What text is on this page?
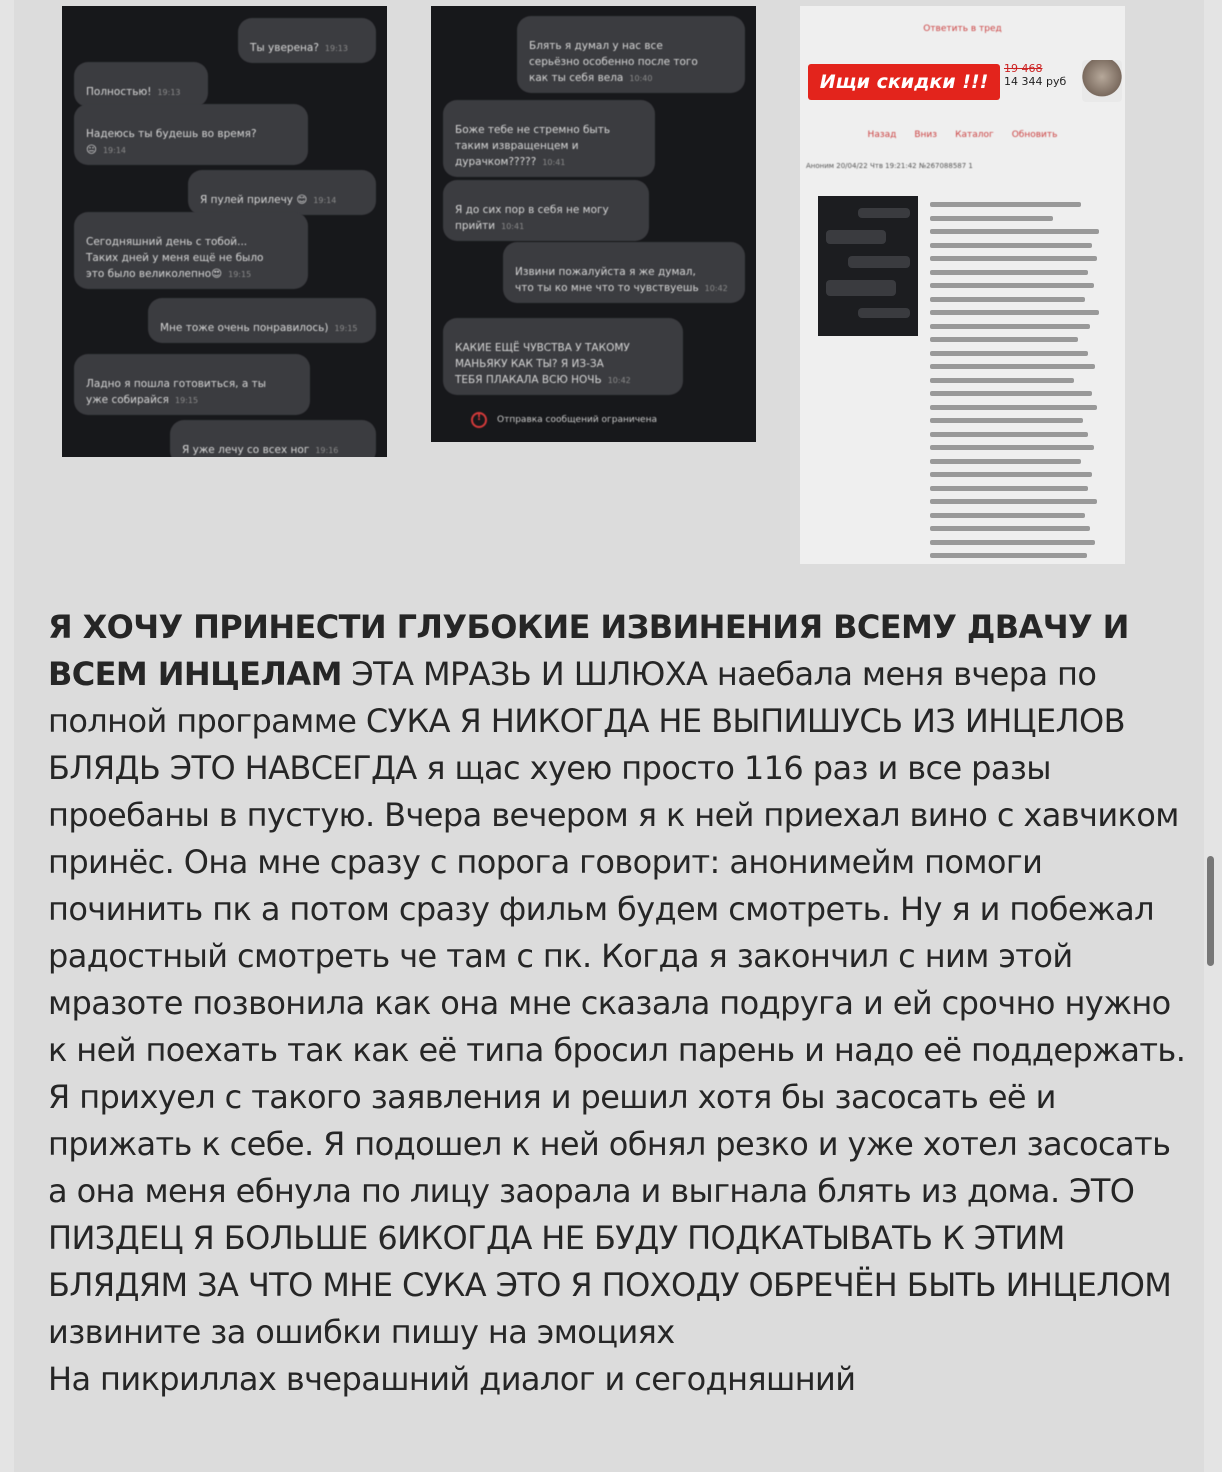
Ты уверена? 19:13

Полностью! 19:13

Надеюсь ты будешь во время?
😐 19:14

Я пулей прилечу 😊 19:14

Сегодняшний день с тобой...
Таких дней у меня ещё не было
это было великолепно😍 19:15

Мне тоже очень понравилось) 19:15

Ладно я пошла готовиться, а ты
уже собирайся 19:15

Я уже лечу со всех ног 19:16

Блять я думал у нас все
серьёзно особенно после того
как ты себя вела 10:40

Боже тебе не стремно быть
таким извращенцем и
дурачком????? 10:41

Я до сих пор в себя не могу
прийти 10:41

Извини пожалуйста я же думал,
что ты ко мне что то чувствуешь 10:42

КАКИЕ ЕЩЁ ЧУВСТВА У ТАКОМУ
МАНЬЯКУ КАК ТЫ? Я ИЗ-ЗА
ТЕБЯ ПЛАКАЛА ВСЮ НОЧЬ 10:42

!
Отправка сообщений ограничена
Ответить в тред
Ищи скидки !!!
19 468
14 344 руб
Назад Вниз Каталог Обновить
Аноним 20/04/22 Чтв 19:21:42 №267088587 1
Я ХОЧУ ПРИНЕСТИ ГЛУБОКИЕ ИЗВИНЕНИЯ ВСЕМУ ДВАЧУ И ВСЕМ ИНЦЕЛАМ ЭТА МРАЗЬ И ШЛЮХА наебала меня вчера по полной программе СУКА Я НИКОГДА НЕ ВЫПИШУСЬ ИЗ ИНЦЕЛОВ БЛЯДЬ ЭТО НАВСЕГДА я щас хуею просто 116 раз и все разы проебаны в пустую. Вчера вечером я к ней приехал вино с хавчиком принёс. Она мне сразу с порога говорит: анонимейм помоги починить пк а потом сразу фильм будем смотреть. Ну я и побежал радостный смотреть че там с пк. Когда я закончил с ним этой мразоте позвонила как она мне сказала подруга и ей срочно нужно к ней поехать так как её типа бросил парень и надо её поддержать. Я прихуел с такого заявления и решил хотя бы засосать её и прижать к себе. Я подошел к ней обнял резко и уже хотел засосать а она меня ебнула по лицу заорала и выгнала блять из дома. ЭТО ПИЗДЕЦ Я БОЛЬШЕ 6ИКОГДА НЕ БУДУ ПОДКАТЫВАТЬ К ЭТИМ БЛЯДЯМ ЗА ЧТО МНЕ СУКА ЭТО Я ПОХОДУ ОБРЕЧЁН БЫТЬ ИНЦЕЛОМ
извините за ошибки пишу на эмоциях
На пикриллах вчерашний диалог и сегодняшний
